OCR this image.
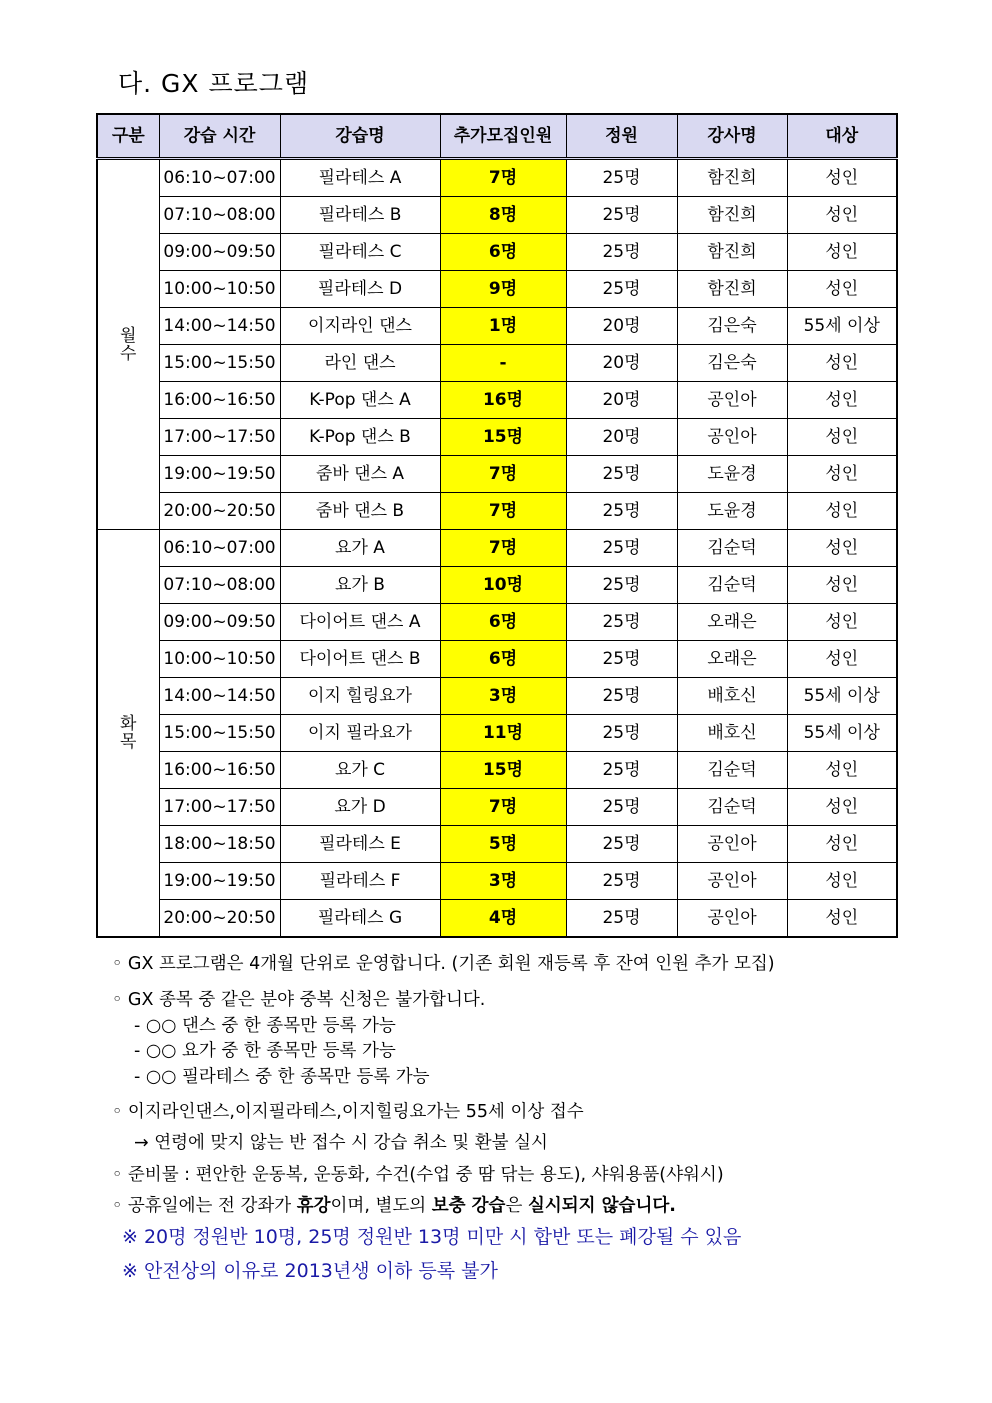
다. GX 프로그램
구분	강습 시간	강습명	추가모집인원	정원	강사명	대상

월
수	06:10~07:00	필라테스 A	7명	25명	함진희	성인
	07:10~08:00	필라테스 B	8명	25명	함진희	성인
	09:00~09:50	필라테스 C	6명	25명	함진희	성인
	10:00~10:50	필라테스 D	9명	25명	함진희	성인
	14:00~14:50	이지라인 댄스	1명	20명	김은숙	55세 이상
	15:00~15:50	라인 댄스	-	20명	김은숙	성인
	16:00~16:50	K-Pop 댄스 A	16명	20명	공인아	성인
	17:00~17:50	K-Pop 댄스 B	15명	20명	공인아	성인
	19:00~19:50	줌바 댄스 A	7명	25명	도윤경	성인
	20:00~20:50	줌바 댄스 B	7명	25명	도윤경	성인

화
목	06:10~07:00	요가 A	7명	25명	김순덕	성인
	07:10~08:00	요가 B	10명	25명	김순덕	성인
	09:00~09:50	다이어트 댄스 A	6명	25명	오래은	성인
	10:00~10:50	다이어트 댄스 B	6명	25명	오래은	성인
	14:00~14:50	이지 힐링요가	3명	25명	배호신	55세 이상
	15:00~15:50	이지 필라요가	11명	25명	배호신	55세 이상
	16:00~16:50	요가 C	15명	25명	김순덕	성인
	17:00~17:50	요가 D	7명	25명	김순덕	성인
	18:00~18:50	필라테스 E	5명	25명	공인아	성인
	19:00~19:50	필라테스 F	3명	25명	공인아	성인
	20:00~20:50	필라테스 G	4명	25명	공인아	성인
◦ GX 프로그램은 4개월 단위로 운영합니다. (기존 회원 재등록 후 잔여 인원 추가 모집)
◦ GX 종목 중 같은 분야 중복 신청은 불가합니다.
- ○○ 댄스 중 한 종목만 등록 가능
- ○○ 요가 중 한 종목만 등록 가능
- ○○ 필라테스 중 한 종목만 등록 가능
◦ 이지라인댄스,이지필라테스,이지힐링요가는 55세 이상 접수
→ 연령에 맞지 않는 반 접수 시 강습 취소 및 환불 실시
◦ 준비물 : 편안한 운동복, 운동화, 수건(수업 중 땀 닦는 용도), 샤워용품(샤워시)
◦ 공휴일에는 전 강좌가 휴강이며, 별도의 보충 강습은 실시되지 않습니다.
※ 20명 정원반 10명, 25명 정원반 13명 미만 시 합반 또는 폐강될 수 있음
※ 안전상의 이유로 2013년생 이하 등록 불가
